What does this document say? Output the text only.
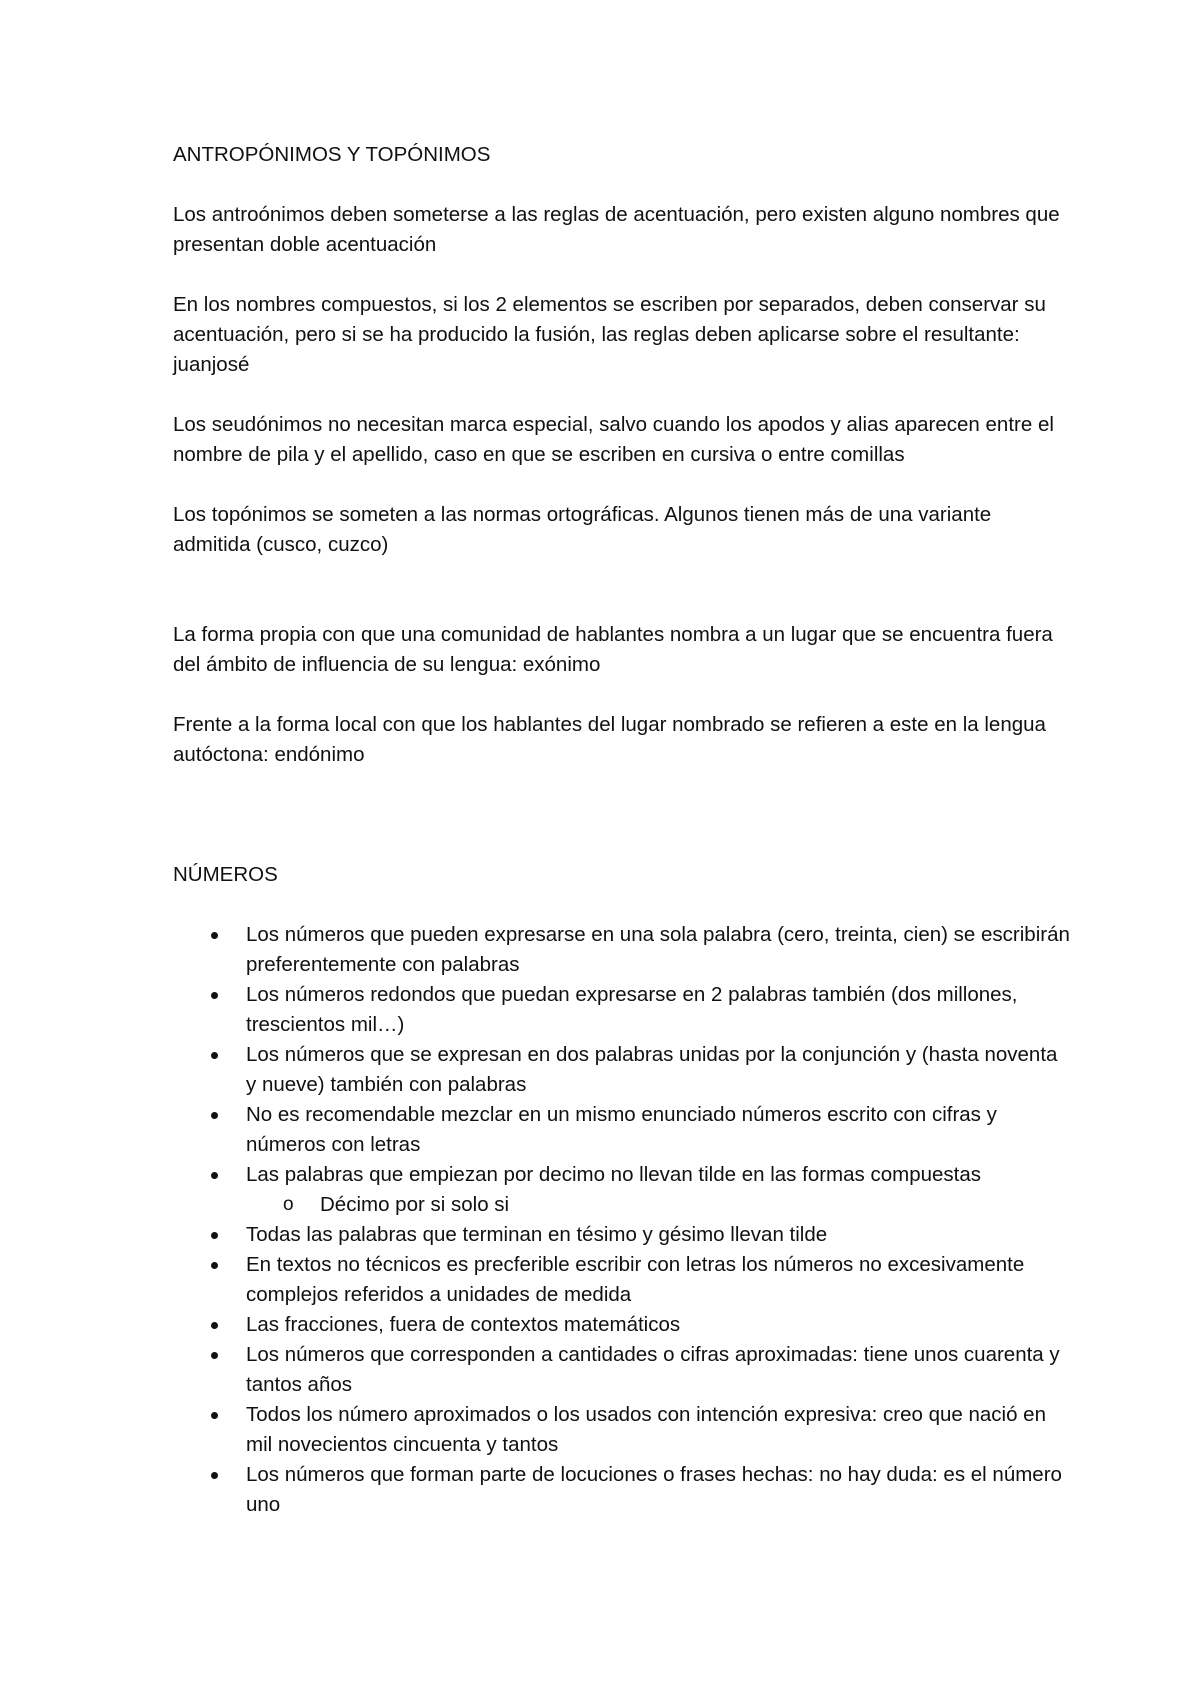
ANTROPÓNIMOS Y TOPÓNIMOS

Los antroónimos deben someterse a las reglas de acentuación, pero existen alguno nombres que presentan doble acentuación

En los nombres compuestos, si los 2 elementos se escriben por separados, deben conservar su acentuación, pero si se ha producido la fusión, las reglas deben aplicarse sobre el resultante: juanjosé

Los seudónimos no necesitan marca especial, salvo cuando los apodos y alias aparecen entre el nombre de pila y el apellido, caso en que se escriben en cursiva o entre comillas

Los topónimos se someten a las normas ortográficas. Algunos tienen más de una variante admitida (cusco, cuzco)

La forma propia con que una comunidad de hablantes nombra a un lugar que se encuentra fuera del ámbito de influencia de su lengua: exónimo

Frente a la forma local con que los hablantes del lugar nombrado se refieren a este en la lengua autóctona: endónimo

NÚMEROS

Los números que pueden expresarse en una sola palabra (cero, treinta, cien) se escribirán preferentemente con palabras
Los números redondos que puedan expresarse en 2 palabras también (dos millones, trescientos mil…)
Los números que se expresan en dos palabras unidas por la conjunción y (hasta noventa y nueve) también con palabras
No es recomendable mezclar en un mismo enunciado números escrito con cifras y números con letras
Las palabras que empiezan por decimo no llevan tilde en las formas compuestas
o Décimo por si solo si
Todas las palabras que terminan en tésimo y gésimo llevan tilde
En textos no técnicos es precferible escribir con letras los números no excesivamente complejos referidos a unidades de medida
Las fracciones, fuera de contextos matemáticos
Los números que corresponden a cantidades o cifras aproximadas: tiene unos cuarenta y tantos años
Todos los número aproximados o los usados con intención expresiva: creo que nació en mil novecientos cincuenta y tantos
Los números que forman parte de locuciones o frases hechas: no hay duda: es el número uno
